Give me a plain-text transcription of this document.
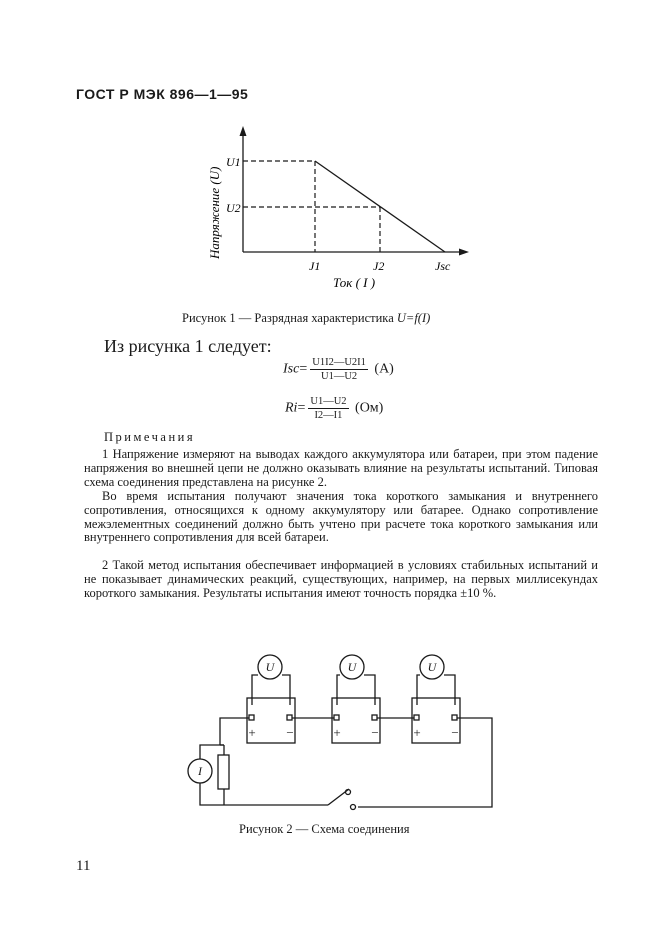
ГОСТ Р МЭК 896—1—95
Напряжение (U)
U1
U2
J1	J2	Jsc
Ток ( I )
Рисунок 1 — Разрядная характеристика U=f(I)
Из рисунка 1 следует:
$Isc= \frac{U1I2—U2I1}{U1—U2} (А)$
$Ri= \frac{U1—U2}{I2—I1} (Ом)$
Примечания
1 Напряжение измеряют на выводах каждого аккумулятора или батареи, при этом падение напряжения во внешней цепи не должно оказывать влияние на результаты испытаний. Типовая схема соединения представлена на рисунке 2.
Во время испытания получают значения тока короткого замыкания и внутреннего сопротивления, относящихся к одному аккумулятору или батарее. Однако сопротивление межэлементных соединений должно быть учтено при расчете тока короткого замыкания или внутреннего сопротивления для всей батареи.
2 Такой метод испытания обеспечивает информацией в условиях стабильных испытаний и не показывает динамических реакций, существующих, например, на первых миллисекундах короткого замыкания. Результаты испытания имеют точность порядка ±10 %.
U	U	U
I
+ −	+ −	+ −
Рисунок 2 — Схема соединения
11
